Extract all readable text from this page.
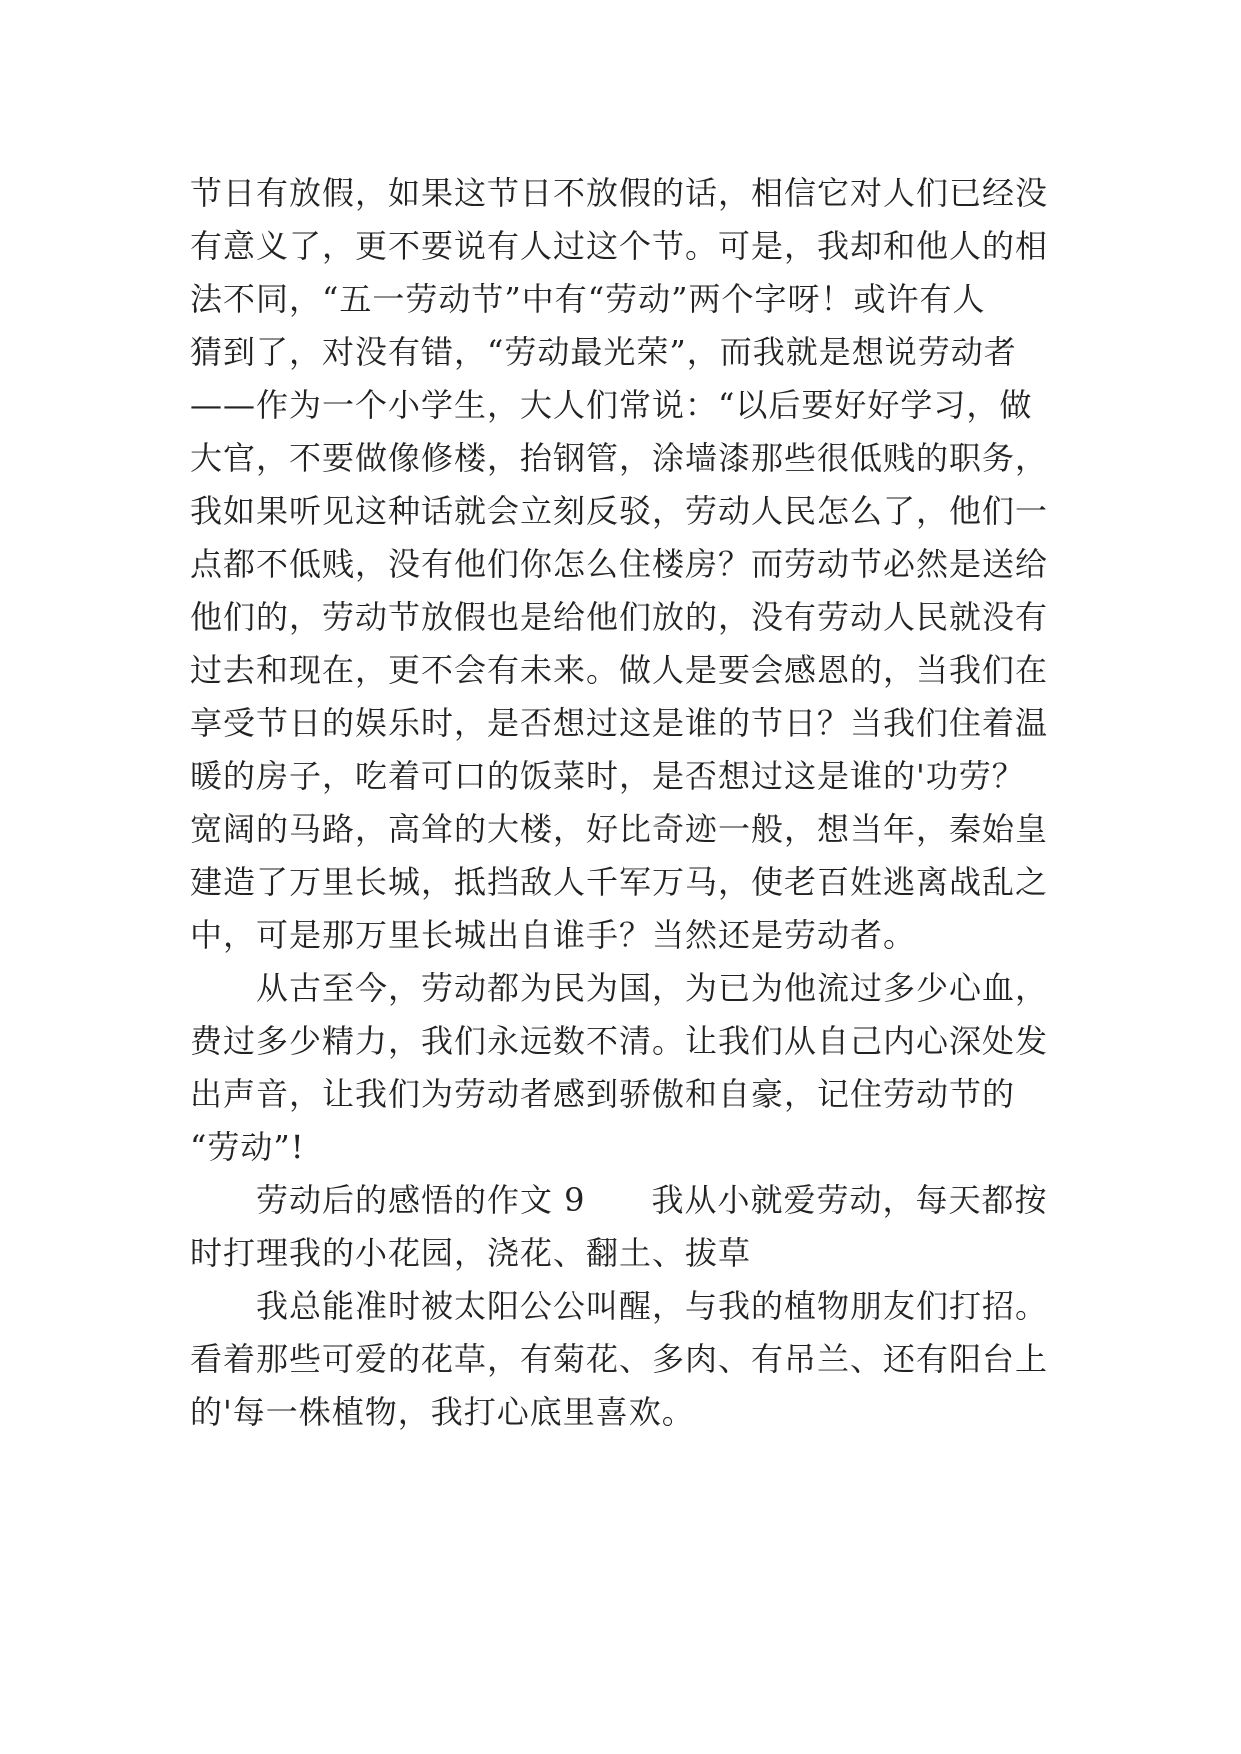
节日有放假，如果这节日不放假的话，相信它对人们已经没
有意义了，更不要说有人过这个节。可是，我却和他人的相
法不同，“五一劳动节”中有“劳动”两个字呀！或许有人
猜到了，对没有错，“劳动最光荣”，而我就是想说劳动者
——作为一个小学生，大人们常说：“以后要好好学习，做
大官，不要做像修楼，抬钢管，涂墙漆那些很低贱的职务，
我如果听见这种话就会立刻反驳，劳动人民怎么了，他们一
点都不低贱，没有他们你怎么住楼房？而劳动节必然是送给
他们的，劳动节放假也是给他们放的，没有劳动人民就没有
过去和现在，更不会有未来。做人是要会感恩的，当我们在
享受节日的娱乐时，是否想过这是谁的节日？当我们住着温
暖的房子，吃着可口的饭菜时，是否想过这是谁的'功劳？
宽阔的马路，高耸的大楼，好比奇迹一般，想当年，秦始皇
建造了万里长城，抵挡敌人千军万马，使老百姓逃离战乱之
中，可是那万里长城出自谁手？当然还是劳动者。
从古至今，劳动都为民为国，为已为他流过多少心血，
费过多少精力，我们永远数不清。让我们从自己内心深处发
出声音，让我们为劳动者感到骄傲和自豪，记住劳动节的
“劳动”!
劳动后的感悟的作文 9　　我从小就爱劳动，每天都按
时打理我的小花园，浇花、翻土、拔草
我总能准时被太阳公公叫醒，与我的植物朋友们打招。
看着那些可爱的花草，有菊花、多肉、有吊兰、还有阳台上
的'每一株植物，我打心底里喜欢。
